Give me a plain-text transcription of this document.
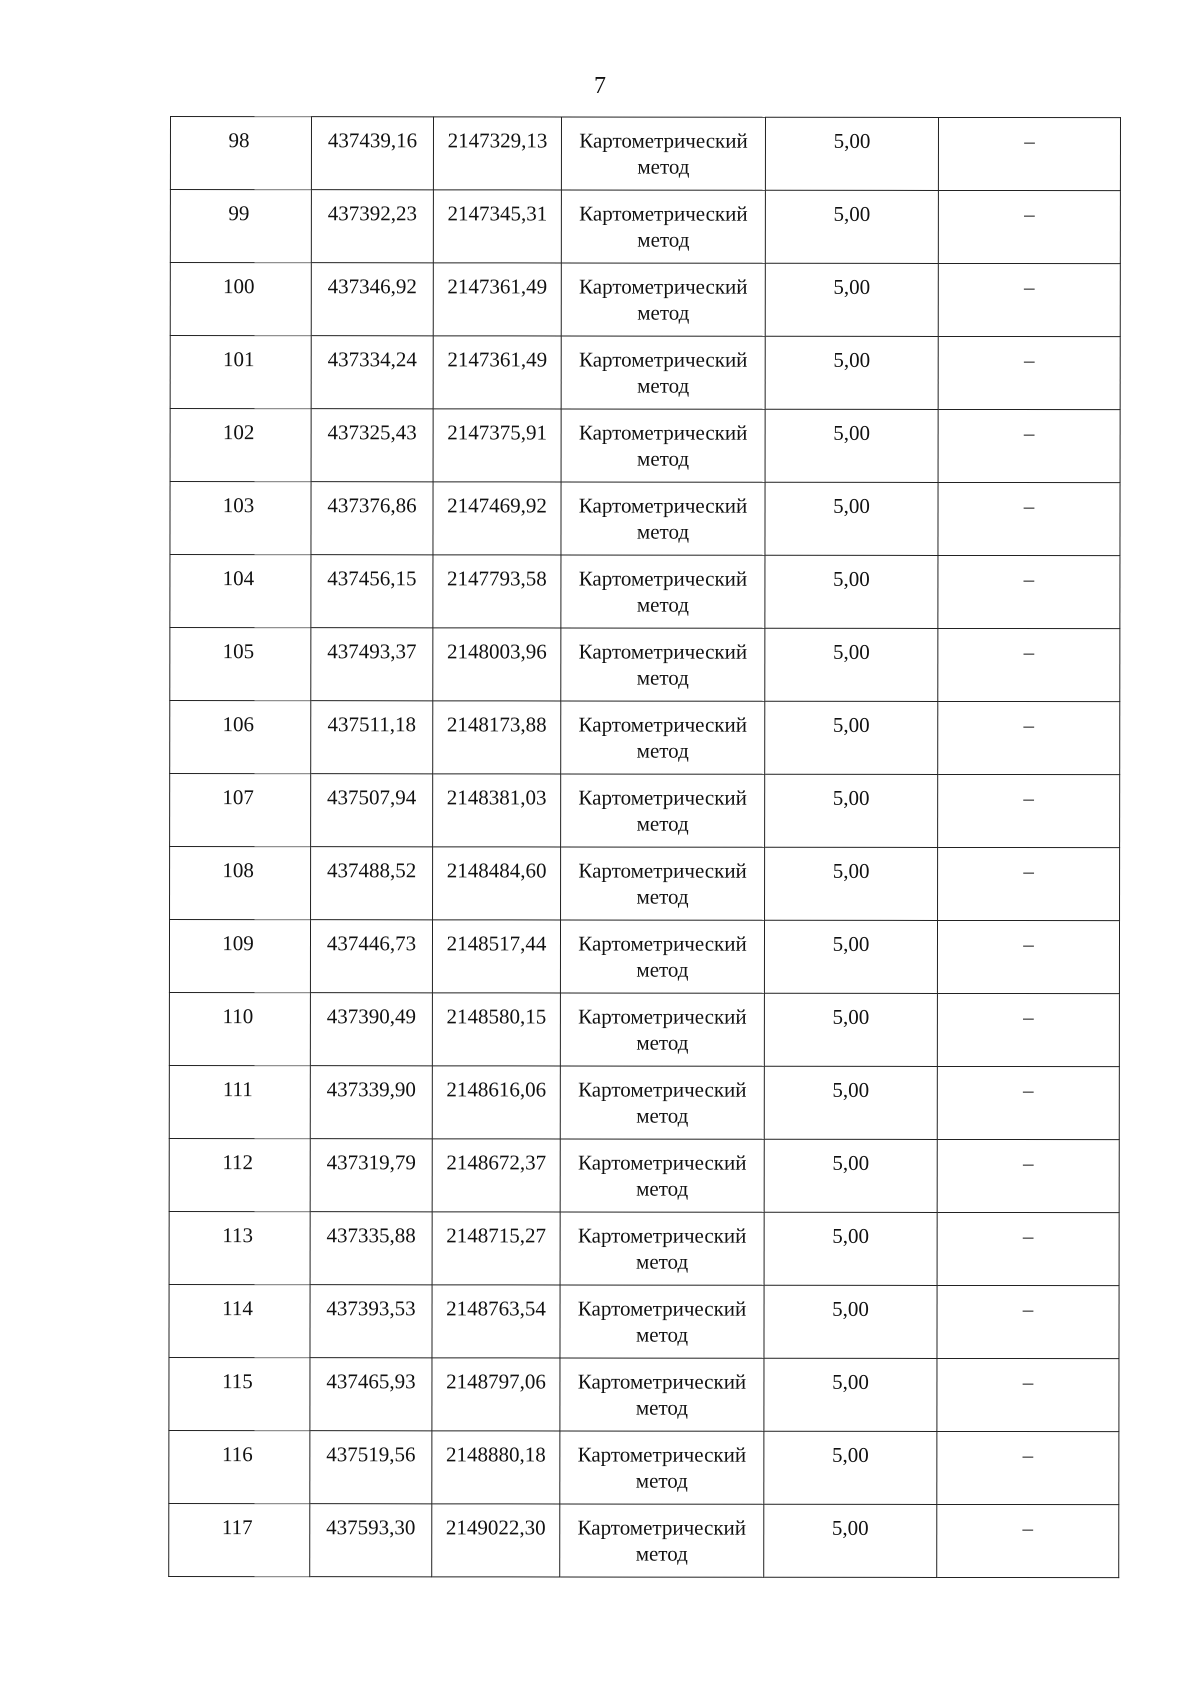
7
98	437439,16	2147329,13	Картометрический метод	5,00	–
99	437392,23	2147345,31	Картометрический метод	5,00	–
100	437346,92	2147361,49	Картометрический метод	5,00	–
101	437334,24	2147361,49	Картометрический метод	5,00	–
102	437325,43	2147375,91	Картометрический метод	5,00	–
103	437376,86	2147469,92	Картометрический метод	5,00	–
104	437456,15	2147793,58	Картометрический метод	5,00	–
105	437493,37	2148003,96	Картометрический метод	5,00	–
106	437511,18	2148173,88	Картометрический метод	5,00	–
107	437507,94	2148381,03	Картометрический метод	5,00	–
108	437488,52	2148484,60	Картометрический метод	5,00	–
109	437446,73	2148517,44	Картометрический метод	5,00	–
110	437390,49	2148580,15	Картометрический метод	5,00	–
111	437339,90	2148616,06	Картометрический метод	5,00	–
112	437319,79	2148672,37	Картометрический метод	5,00	–
113	437335,88	2148715,27	Картометрический метод	5,00	–
114	437393,53	2148763,54	Картометрический метод	5,00	–
115	437465,93	2148797,06	Картометрический метод	5,00	–
116	437519,56	2148880,18	Картометрический метод	5,00	–
117	437593,30	2149022,30	Картометрический метод	5,00	–
